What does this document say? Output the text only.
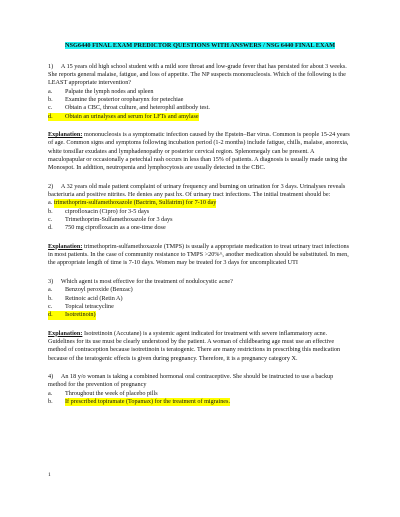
NSG6440 FINAL EXAM PREDICTOR QUESTIONS WITH ANSWERS / NSG 6440 FINAL EXAM

1) A 15 years old high school student with a mild sore throat and low-grade fever that has persisted for about 3 weeks. She reports general malaise, fatigue, and loss of appetite. The NP suspects mononucleosis. Which of the following is the LEAST appropriate intervention?

a.	Palpate the lymph nodes and spleen
b.	Examine the posterior oropharynx for petechiae
c.	Obtain a CBC, throat culture, and heterophil antibody test.
d. Obtain an urinalyses and serum for LFTs and amylase

Explanation: mononucleosis is a symptomatic infection caused by the Epstein–Bar virus. Common is people 15-24 years of age. Common signs and symptoms following incubation period (1-2 months) include fatigue, chills, malaise, anorexia, white tonsillar exudates and lymphadenopathy or posterior cervical region. Splenomegaly can be present. A maculopapular or occasionally a petechial rash occurs in less than 15% of patients. A diagnosis is usually made using the Monospot. In addition, neutropenia and lymphocytosis are usually detected in the CBC.

2) A 32 years old male patient complaint of urinary frequency and burning on urination for 3 days. Urinalyses reveals bacteriuria and positive nitrites. He denies any past hx. Of urinary tract infections. The initial treatment should be:

a.
trimethoprim-sulfamethoxazole (Bactrim, Sulfatrim) for 7-10 day
b.	ciprofloxacin (Cipro) for 3-5 days
c.	Trimethoprim-Sulfamethoxazole for 3 days
d.	750 mg ciprofloxacin as a one-time dose

Explanation: trimethoprim-sulfamethoxazole (TMPS) is usually a appropriate medication to treat urinary tract infections in most patients. In the case of community resistance to TMPS >20%^, another medication should be substituted. In men, the appropriate length of time is 7-10 days. Women may be treated for 3 days for uncomplicated UTI

3) Which agent is most effective for the treatment of nodulocystic acne?

a.	Benzoyl peroxide (Benzac)
b.	Retinoic acid (Retin A)
c.	Topical tetracycline
d. Isotretinoin)

Explanation: Isotretinoin (Accutane) is a systemic agent indicated for treatment with severe inflammatory acne. Guidelines for its use must be clearly understood by the patient. A woman of childbearing age must use an effective method of contraception because isotretinoin is teratogenic. There are many restrictions in prescribing this medication because of the teratogenic effects is given during pregnancy. Therefore, it is a pregnancy category X.

4) An 18 y/o woman is taking a combined hormonal oral contraceptive. She should be instructed to use a backup method for the prevention of pregnancy

a.	Throughout the week of placebo pills
b.	If prescribed topiramate (Topamax) for the treatment of migraines.
1
